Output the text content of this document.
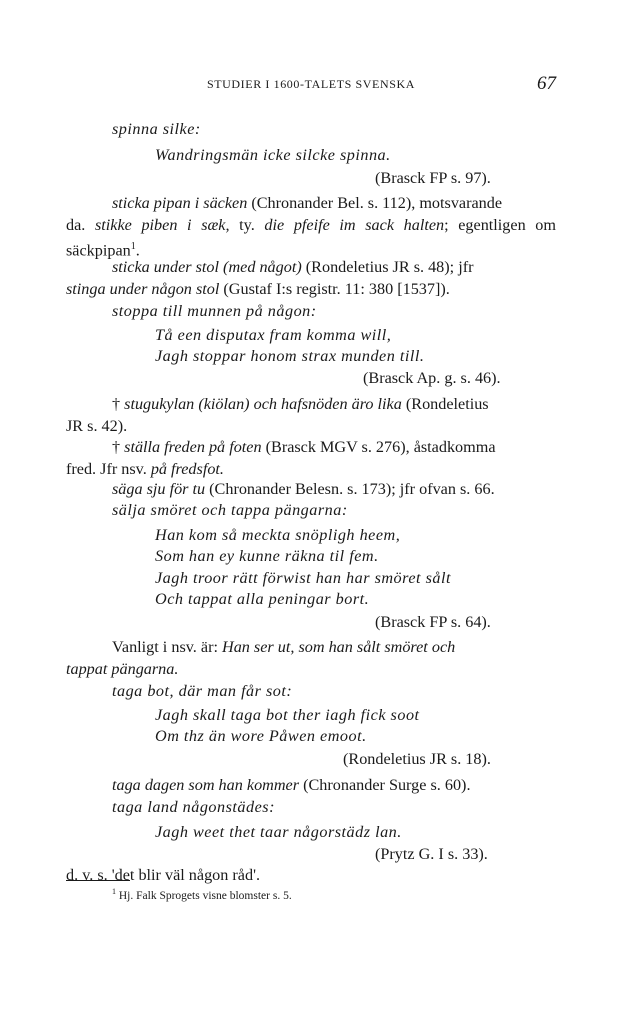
STUDIER I 1600-TALETS SVENSKA	67
spinna silke:
Wandringsmän icke silcke spinna.
(Brasck FP s. 97).
sticka pipan i säcken (Chronander Bel. s. 112), motsvarande
da. stikke piben i sæk, ty. die pfeife im sack halten; egentligen om
säckpipan$^1$.
sticka under stol (med något) (Rondeletius JR s. 48); jfr
stinga under någon stol (Gustaf I:s registr. 11: 380 [1537]).
stoppa till munnen på någon:
Tå een disputax fram komma will,
Jagh stoppar honom strax munden till.
(Brasck Ap. g. s. 46).
† stugukylan (kiölan) och hafsnöden äro lika (Rondeletius
JR s. 42).
† ställa freden på foten (Brasck MGV s. 276), åstadkomma
fred. Jfr nsv. på fredsfot.
säga sju för tu (Chronander Belesn. s. 173); jfr ofvan s. 66.
sälja smöret och tappa pängarna:
Han kom så meckta snöpligh heem,
Som han ey kunne räkna til fem.
Jagh troor rätt förwist han har smöret sålt
Och tappat alla peningar bort.
(Brasck FP s. 64).
Vanligt i nsv. är: Han ser ut, som han sålt smöret och
tappat pängarna.
taga bot, där man får sot:
Jagh skall taga bot ther iagh fick soot
Om thz än wore Påwen emoot.
(Rondeletius JR s. 18).
taga dagen som han kommer (Chronander Surge s. 60).
taga land någonstädes:
Jagh weet thet taar någorstädz lan.
(Prytz G. I s. 33).
d. v. s. 'det blir väl någon råd'.
$^1$ Hj. Falk Sprogets visne blomster s. 5.
